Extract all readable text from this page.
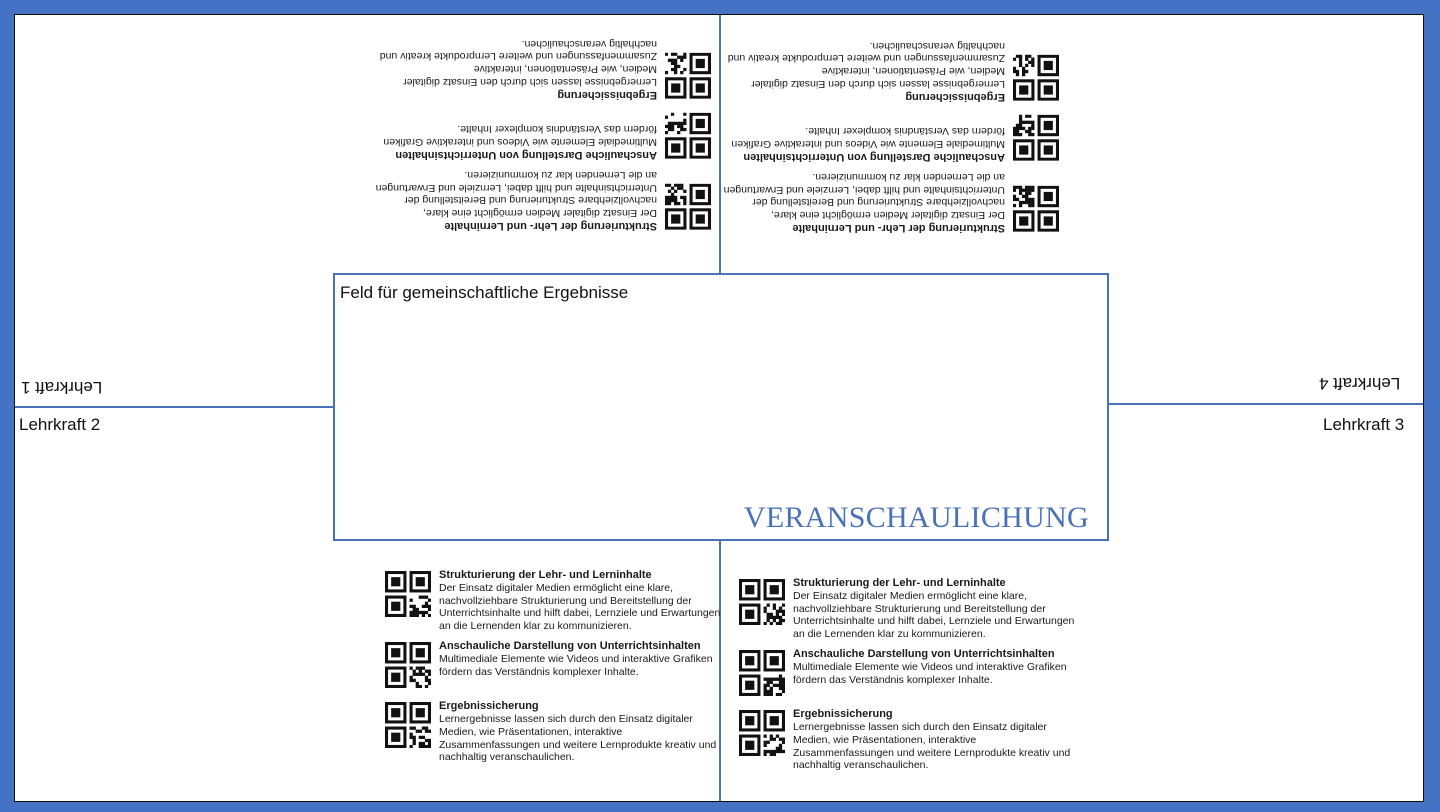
Feld für gemeinschaftliche Ergebnisse
VERANSCHAULICHUNG
Lehrkraft 1
Lehrkraft 2	Lehrkraft 3
Lehrkraft 4
Strukturierung der Lehr- und Lerninhalte
Der Einsatz digitaler Medien ermöglicht eine klare, nachvollziehbare Strukturierung und Bereitstellung der Unterrichtsinhalte und hilft dabei, Lernziele und Erwartungen an die Lernenden klar zu kommunizieren.
Anschauliche Darstellung von Unterrichtsinhalten
Multimediale Elemente wie Videos und interaktive Grafiken fördern das Verständnis komplexer Inhalte.
Ergebnissicherung
Lernergebnisse lassen sich durch den Einsatz digitaler Medien, wie Präsentationen, interaktive Zusammenfassungen und weitere Lernprodukte kreativ und nachhaltig veranschaulichen.
Strukturierung der Lehr- und Lerninhalte
Der Einsatz digitaler Medien ermöglicht eine klare, nachvollziehbare Strukturierung und Bereitstellung der Unterrichtsinhalte und hilft dabei, Lernziele und Erwartungen an die Lernenden klar zu kommunizieren.
Anschauliche Darstellung von Unterrichtsinhalten
Multimediale Elemente wie Videos und interaktive Grafiken fördern das Verständnis komplexer Inhalte.
Ergebnissicherung
Lernergebnisse lassen sich durch den Einsatz digitaler Medien, wie Präsentationen, interaktive Zusammenfassungen und weitere Lernprodukte kreativ und nachhaltig veranschaulichen.
Strukturierung der Lehr- und Lerninhalte
Der Einsatz digitaler Medien ermöglicht eine klare, nachvollziehbare Strukturierung und Bereitstellung der Unterrichtsinhalte und hilft dabei, Lernziele und Erwartungen an die Lernenden klar zu kommunizieren.
Anschauliche Darstellung von Unterrichtsinhalten
Multimediale Elemente wie Videos und interaktive Grafiken fördern das Verständnis komplexer Inhalte.
Ergebnissicherung
Lernergebnisse lassen sich durch den Einsatz digitaler Medien, wie Präsentationen, interaktive Zusammenfassungen und weitere Lernprodukte kreativ und nachhaltig veranschaulichen.
Strukturierung der Lehr- und Lerninhalte
Der Einsatz digitaler Medien ermöglicht eine klare, nachvollziehbare Strukturierung und Bereitstellung der Unterrichtsinhalte und hilft dabei, Lernziele und Erwartungen an die Lernenden klar zu kommunizieren.
Anschauliche Darstellung von Unterrichtsinhalten
Multimediale Elemente wie Videos und interaktive Grafiken fördern das Verständnis komplexer Inhalte.
Ergebnissicherung
Lernergebnisse lassen sich durch den Einsatz digitaler Medien, wie Präsentationen, interaktive Zusammenfassungen und weitere Lernprodukte kreativ und nachhaltig veranschaulichen.
